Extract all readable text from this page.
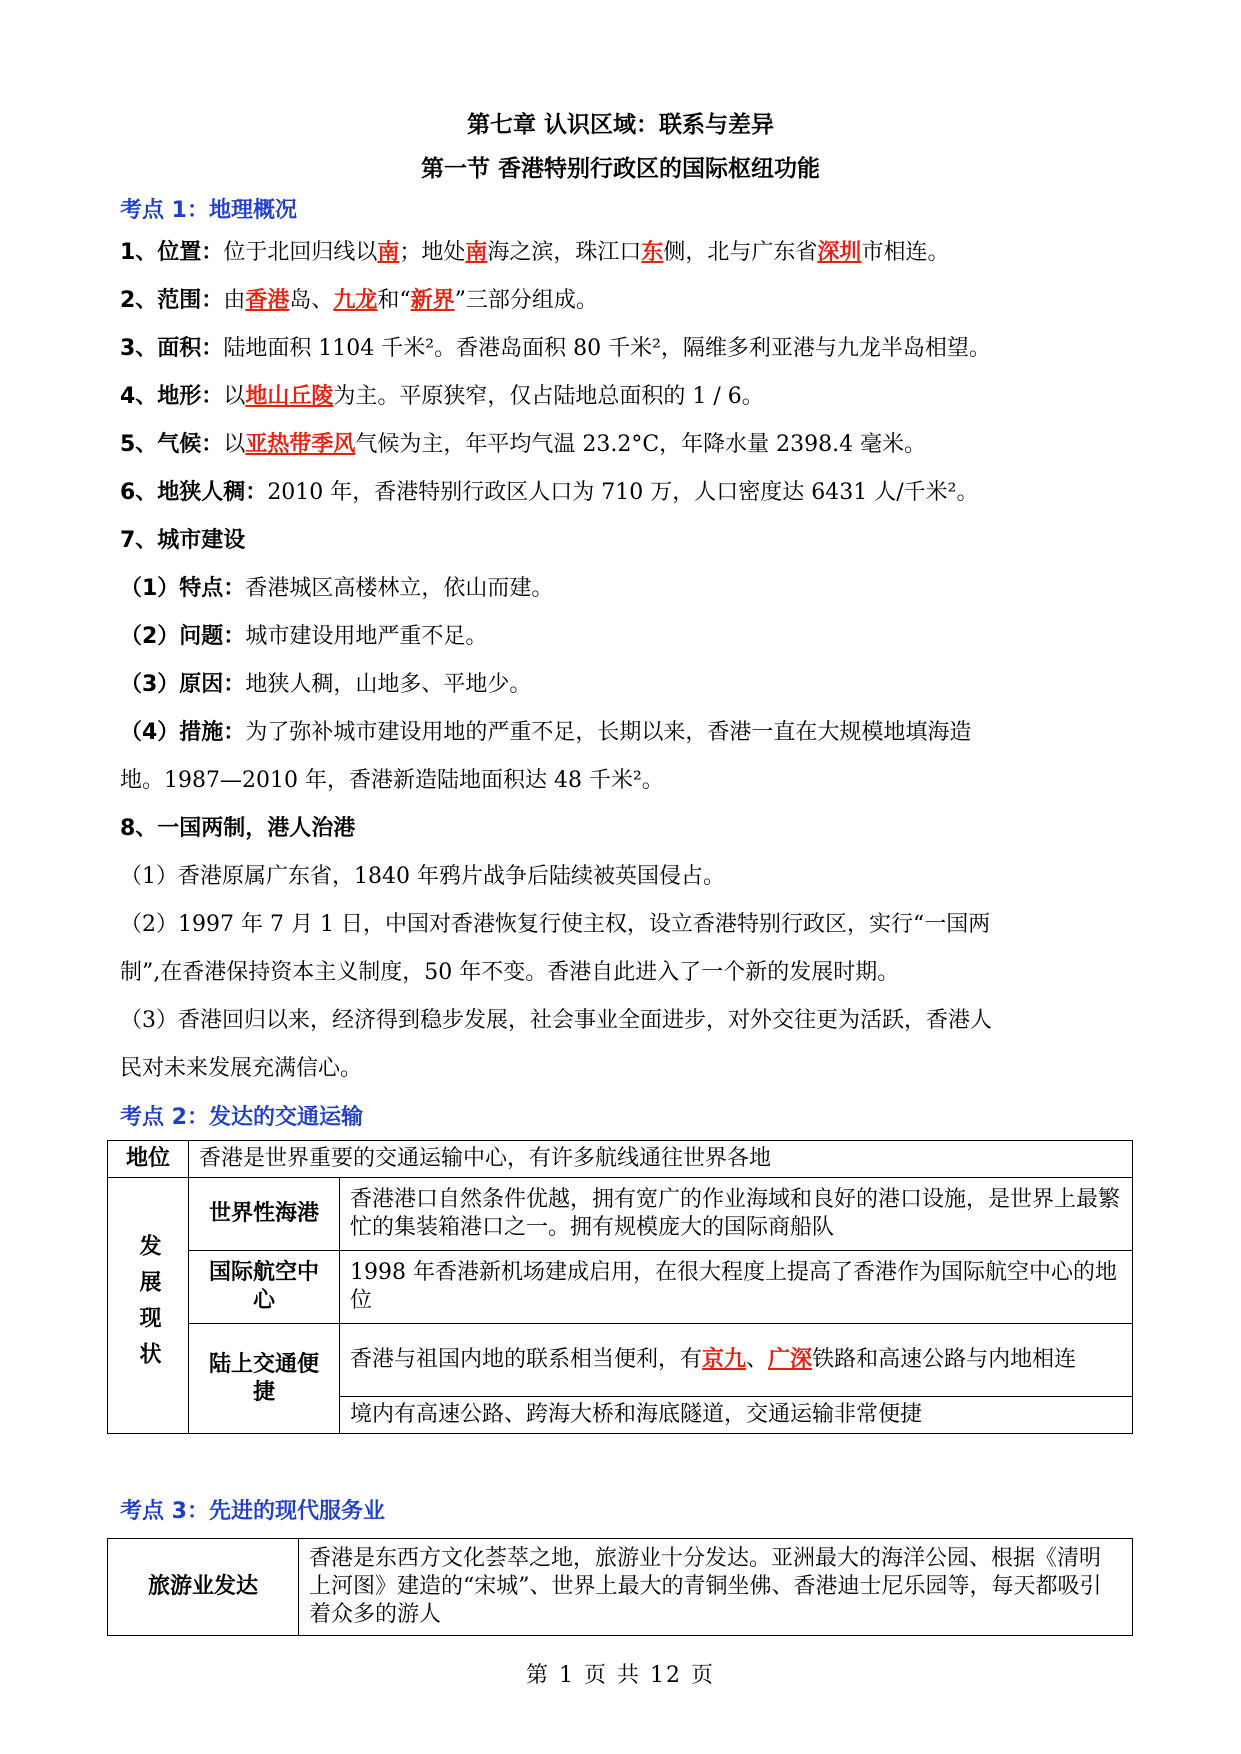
第七章 认识区域：联系与差异
第一节 香港特别行政区的国际枢纽功能
考点 1：地理概况
1、位置：位于北回归线以南；地处南海之滨，珠江口东侧，北与广东省深圳市相连。
2、范围：由香港岛、九龙和“新界”三部分组成。
3、面积：陆地面积 1104 千米²。香港岛面积 80 千米²，隔维多利亚港与九龙半岛相望。
4、地形：以地山丘陵为主。平原狭窄，仅占陆地总面积的 1 / 6。
5、气候：以亚热带季风气候为主，年平均气温 23.2°C，年降水量 2398.4 毫米。
6、地狭人稠：2010 年，香港特别行政区人口为 710 万，人口密度达 6431 人/千米²。
7、城市建设
（1）特点：香港城区高楼林立，依山而建。
（2）问题：城市建设用地严重不足。
（3）原因：地狭人稠，山地多、平地少。
（4）措施：为了弥补城市建设用地的严重不足，长期以来，香港一直在大规模地填海造
地。1987—2010 年，香港新造陆地面积达 48 千米²。
8、一国两制，港人治港
（1）香港原属广东省，1840 年鸦片战争后陆续被英国侵占。
（2）1997 年 7 月 1 日，中国对香港恢复行使主权，设立香港特别行政区，实行“一国两
制”,在香港保持资本主义制度，50 年不变。香港自此进入了一个新的发展时期。
（3）香港回归以来，经济得到稳步发展，社会事业全面进步，对外交往更为活跃，香港人
民对未来发展充满信心。
考点 2：发达的交通运输
地位	香港是世界重要的交通运输中心，有许多航线通往世界各地	

发展现状	世界性海港	香港港口自然条件优越，拥有宽广的作业海域和良好的港口设施，是世界上最繁忙的集装箱港口之一。拥有规模庞大的国际商船队
	国际航空中心	1998 年香港新机场建成启用，在很大程度上提高了香港作为国际航空中心的地位
	陆上交通便捷	香港与祖国内地的联系相当便利，有京九、广深铁路和高速公路与内地相连
		境内有高速公路、跨海大桥和海底隧道，交通运输非常便捷
考点 3：先进的现代服务业
旅游业发达	香港是东西方文化荟萃之地，旅游业十分发达。亚洲最大的海洋公园、根据《清明上河图》建造的“宋城”、世界上最大的青铜坐佛、香港迪士尼乐园等，每天都吸引着众多的游人
第 1 页 共 12 页
